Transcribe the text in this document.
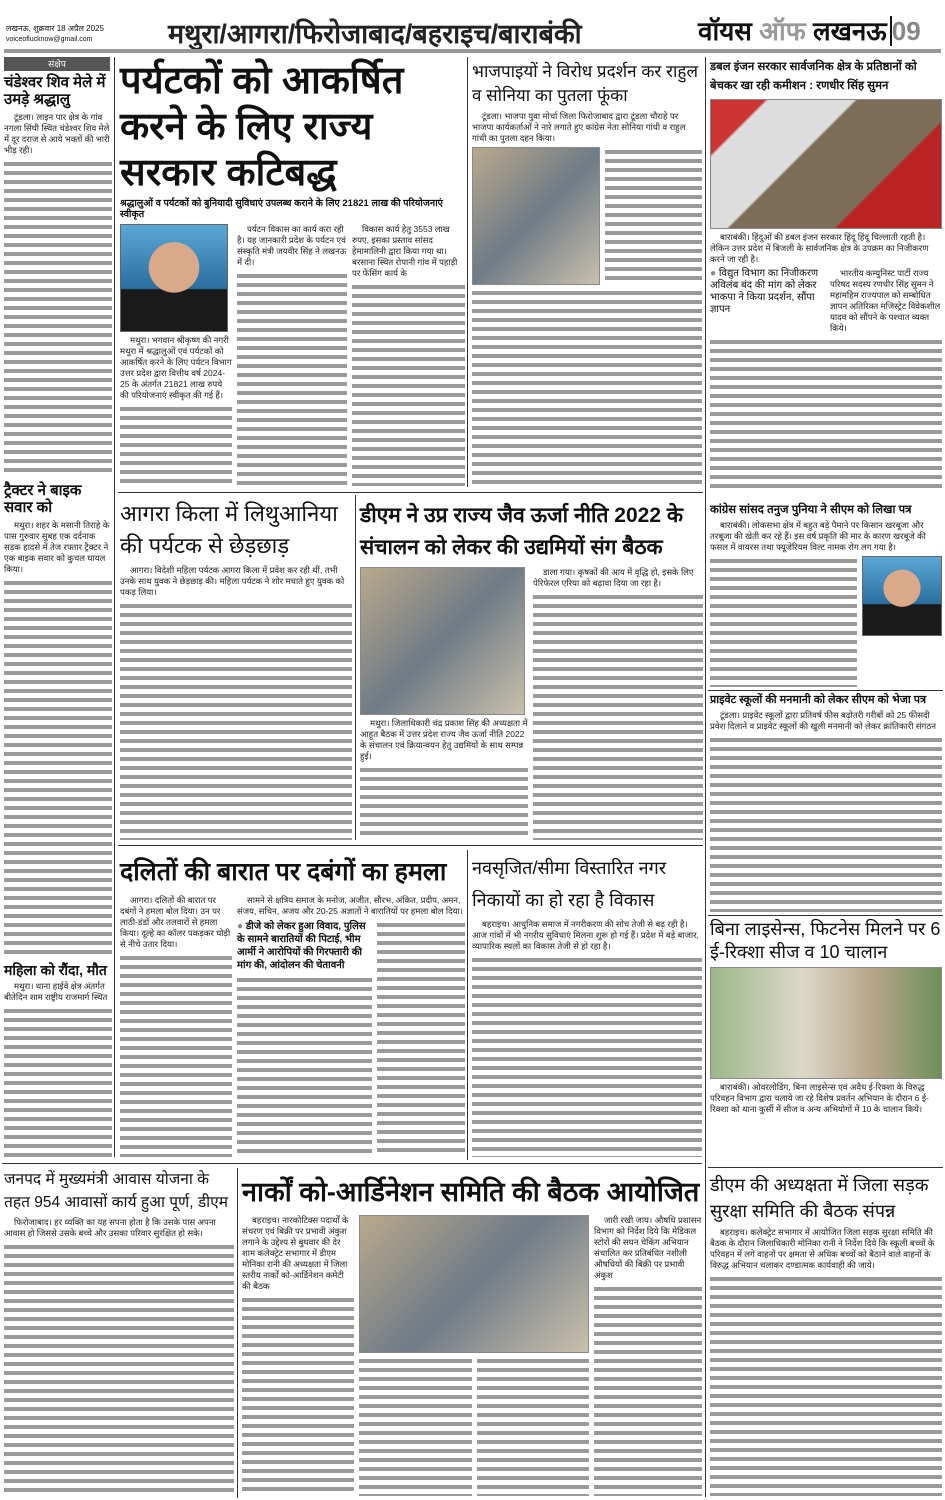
लखनऊ, शुक्रवार 18 अप्रैल 2025
voiceoflucknow@gmail.com	मथुरा/आगरा/फिरोजाबाद/बहराइच/बाराबंकी	वॉयस ऑफ लखनऊ 09
संक्षेप
चंडेश्वर शिव मेले में उमड़े श्रद्धालु

टूंडला। लाइन पार क्षेत्र के गांव नगला सिंघी स्थित चंडेश्वर शिव मेले में दूर दराज से आये भक्तों की भारी भीड़ रही।

ट्रैक्टर ने बाइक सवार को

मथुरा। शहर के मसानी तिराहे के पास गुरुवार सुबह एक दर्दनाक सड़क हादसे में तेज रफ्तार ट्रैक्टर ने एक बाइक सवार को कुचल घायल किया।

महिला को रौंदा, मौत

मथुरा। थाना हाईवे क्षेत्र अंतर्गत बीतेदिन शाम राष्ट्रीय राजमार्ग स्थित

पर्यटकों को आकर्षित करने के लिए राज्य सरकार कटिबद्ध
श्रद्धालुओं व पर्यटकों को बुनियादी सुविधाएं उपलब्ध कराने के लिए 21821 लाख की परियोजनाएं स्वीकृत

मथुरा। भगवान श्रीकृष्ण की नगरी मथुरा में श्रद्धालुओं एवं पर्यटकों को आकर्षित करने के लिए पर्यटन विभाग उत्तर प्रदेश द्वारा वित्तीय वर्ष 2024-25 के अंतर्गत 21821 लाख रुपये की परियोजनाएं स्वीकृत की गई हैं।

पर्यटन विकास का कार्य करा रही है। यह जानकारी प्रदेश के पर्यटन एवं संस्कृति मंत्री जयवीर सिंह ने लखनऊ में दी।

विकास कार्य हेतु 3553 लाख रुपए, इसका प्रस्ताव सांसद हेमामालिनी द्वारा किया गया था। बरसाना स्थित रोपानी गांव में पहाड़ी पर फेंसिंग कार्य के

भाजपाइयों ने विरोध प्रदर्शन कर राहुल व सोनिया का पुतला फूंका

टूंडला। भाजपा युवा मोर्चा जिला फिरोजाबाद द्वारा टूंडला चौराहे पर भाजपा कार्यकर्ताओं ने नारे लगाते हुए कांग्रेस नेता सोनिया गांधी व राहुल गांधी का पुतला दहन किया।

आगरा किला में लिथुआनिया की पर्यटक से छेड़छाड़

आगरा। विदेशी महिला पर्यटक आगरा किला में प्रवेश कर रही थीं, तभी उनके साथ युवक ने छेड़छाड़ की। महिला पर्यटक ने शोर मचाते हुए युवक को पकड़ लिया।

डीएम ने उप्र राज्य जैव ऊर्जा नीति 2022 के संचालन को लेकर की उद्यमियों संग बैठक

मथुरा। जिलाधिकारी चंद्र प्रकाश सिंह की अध्यक्षता में आहूत बैठक में उत्तर प्रदेश राज्य जैव ऊर्जा नीति 2022 के संचालन एवं क्रियान्वयन हेतु उद्यमियों के साथ सम्पन्न हुई।

डाला गया। कृषकों की आय में वृद्धि हो, इसके लिए पेरिफेरल एरिया को बढ़ावा दिया जा रहा है।

दलितों की बारात पर दबंगों का हमला

आगरा। दलितों की बारात पर दबंगों ने हमला बोल दिया। उन पर लाठी-डंडों और तलवारों से हमला किया। दूल्हे का कॉलर पकड़कर घोड़ी से नीचे उतार दिया।

सामने से क्षत्रिय समाज के मनोज, अजीत, सौरभ, अंकित, प्रदीप, अमन, संजय, सचिन, अजय और 20-25 अज्ञातों ने बारातियों पर हमला बोल दिया।

● डीजे को लेकर हुआ विवाद, पुलिस के सामने बारातियों की पिटाई, भीम आर्मी ने आरोपियों की गिरफ्तारी की मांग की, आंदोलन की चेतावनी
नवसृजित/सीमा विस्तारित नगर निकायों का हो रहा है विकास

बहराइच। आधुनिक समाज में नगरीकरण की सोच तेजी से बढ़ रही है। आज गांवों में भी नगरीय सुविधाएं मिलना शुरू हो गई हैं। प्रदेश में बड़े बाजार, व्यापारिक स्थलों का विकास तेजी से हो रहा है।

जनपद में मुख्यमंत्री आवास योजना के तहत 954 आवासों कार्य हुआ पूर्ण, डीएम

फिरोजाबाद। हर व्यक्ति का यह सपना होता है कि उसके पास अपना आवास हो जिससे उसके बच्चे और उसका परिवार सुरक्षित हो सके।

नार्कों को-आर्डिनेशन समिति की बैठक आयोजित

बहराइच। नारकोटिक्स पदार्थों के संचरण एवं बिक्री पर प्रभावी अंकुश लगाने के उद्देश्य से बुधवार की देर शाम कलेक्ट्रेट सभागार में डीएम मोनिका रानी की अध्यक्षता में जिला स्तरीय नार्कों को-आर्डिनेशन कमेटी की बैठक

जारी रखी जाय। औषधि प्रशासन विभाग को निर्देश दिये कि मेडिकल स्टोरों की सघन चेकिंग अभियान संचालित कर प्रतिबंधित नशीली औषधियों की बिक्री पर प्रभावी अंकुश

डबल इंजन सरकार सार्वजनिक क्षेत्र के प्रतिष्ठानों को बेचकर खा रही कमीशन : रणधीर सिंह सुमन

बाराबंकी। हिंदुओं की डबल इंजन सरकार हिंदू हिंदू चिल्लाती रहती है। लेकिन उत्तर प्रदेश में बिजली के सार्वजनिक क्षेत्र के उपक्रम का निजीकरण करने जा रही है।

● विद्युत विभाग का निजीकरण अविलंब बंद की मांग को लेकर भाकपा ने किया प्रदर्शन, सौंपा ज्ञापन

भारतीय कम्युनिस्ट पार्टी राज्य परिषद सदस्य रणधीर सिंह सुमन ने महामहिम राज्यपाल को सम्बोधित ज्ञापन अतिरिक्त मजिस्ट्रेट विवेकशील यादव को सौंपने के पश्चात व्यक्त किये।

कांग्रेस सांसद तनुज पुनिया ने सीएम को लिखा पत्र

बाराबंकी। लोकसभा क्षेत्र में बहुत बड़े पैमाने पर किसान खरबूजा और तरबूजा की खेती कर रहे हैं। इस वर्ष प्रकृति की मार के कारण खरबूजे की फसल में वायरस तथा फ्यूजेरियम विल्ट नामक रोग लग गया है।

प्राइवेट स्कूलों की मनमानी को लेकर सीएम को भेजा पत्र

टूंडला। प्राइवेट स्कूलों द्वारा प्रतिवर्ष फीस बढ़ोतरी गरीबों को 25 फीसदी प्रवेश दिलाने व प्राइवेट स्कूलों की खुली मनमानी को लेकर क्रांतिकारी संगठन

बिना लाइसेन्स, फिटनेस मिलने पर 6 ई-रिक्शा सीज व 10 चालान

बाराबंकी। ओवरलोडिंग, बिना लाइसेन्स एवं अवैध ई-रिक्शा के विरुद्ध परिवहन विभाग द्वारा चलाये जा रहे विशेष प्रवर्तन अभियान के दौरान 6 ई-रिक्शा को थाना कुर्सी में सीज व अन्य अभियोगों में 10 के चालान किये।

डीएम की अध्यक्षता में जिला सड़क सुरक्षा समिति की बैठक संपन्न

बहराइच। कलेक्ट्रेट सभागार में आयोजित जिला सड़क सुरक्षा समिति की बैठक के दौरान जिलाधिकारी मोनिका रानी ने निर्देश दिये कि स्कूली बच्चों के परिवहन में लगे वाहनों पर क्षमता से अधिक बच्चों को बैठाने वाले वाहनों के विरुद्ध अभियान चलाकर दण्डात्मक कार्यवाही की जाये।
